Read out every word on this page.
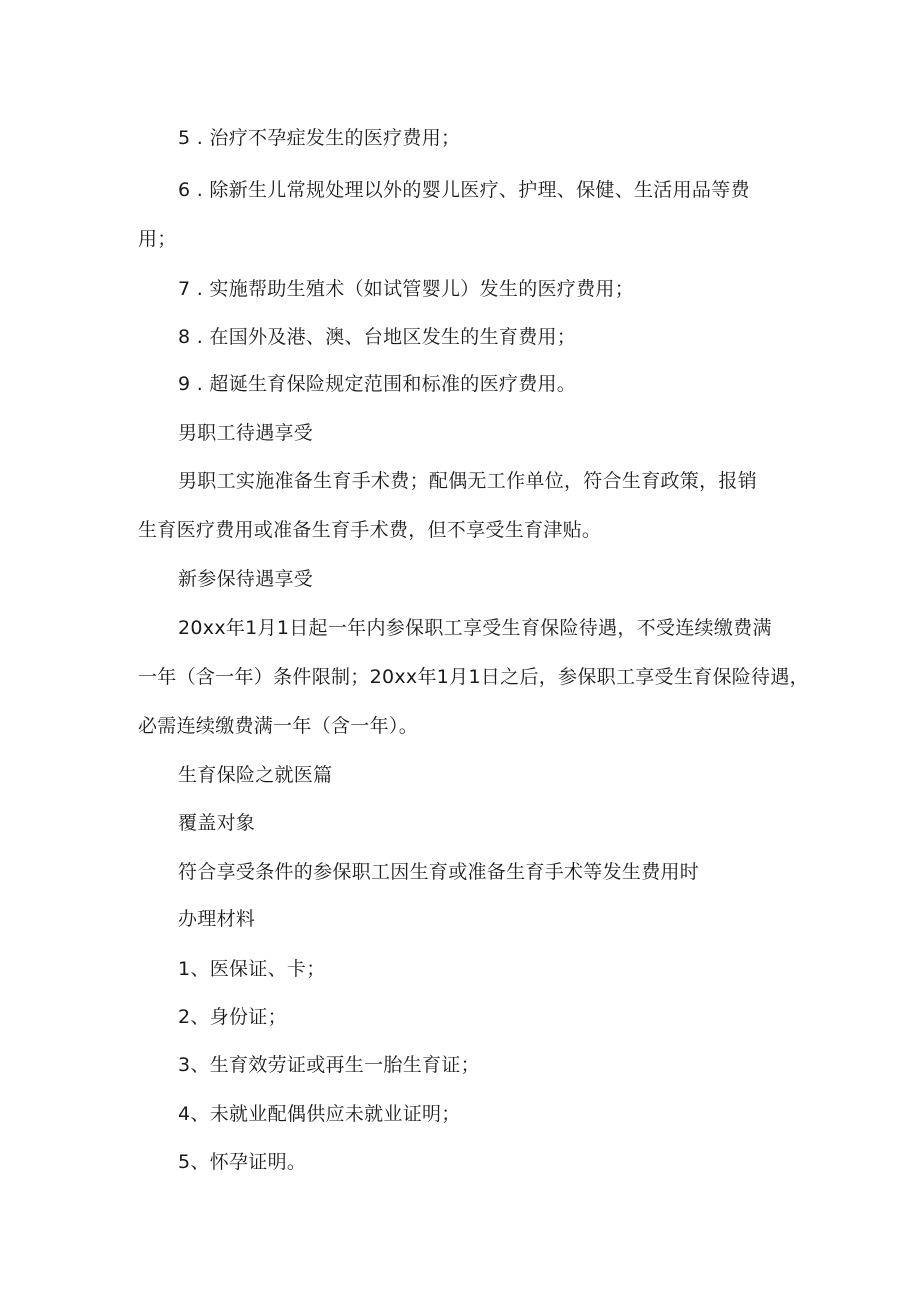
5 . 治疗不孕症发生的医疗费用；
6 . 除新生儿常规处理以外的婴儿医疗、护理、保健、生活用品等费
用；
7 . 实施帮助生殖术（如试管婴儿）发生的医疗费用；
8 . 在国外及港、澳、台地区发生的生育费用；
9 . 超诞生育保险规定范围和标准的医疗费用。
男职工待遇享受
男职工实施准备生育手术费；配偶无工作单位，符合生育政策，报销
生育医疗费用或准备生育手术费，但不享受生育津贴。
新参保待遇享受
20xx年1月1日起一年内参保职工享受生育保险待遇，不受连续缴费满
一年（含一年）条件限制；20xx年1月1日之后，参保职工享受生育保险待遇，
必需连续缴费满一年（含一年）。
生育保险之就医篇
覆盖对象
符合享受条件的参保职工因生育或准备生育手术等发生费用时
办理材料
1、医保证、卡；
2、身份证；
3、生育效劳证或再生一胎生育证；
4、未就业配偶供应未就业证明；
5、怀孕证明。
